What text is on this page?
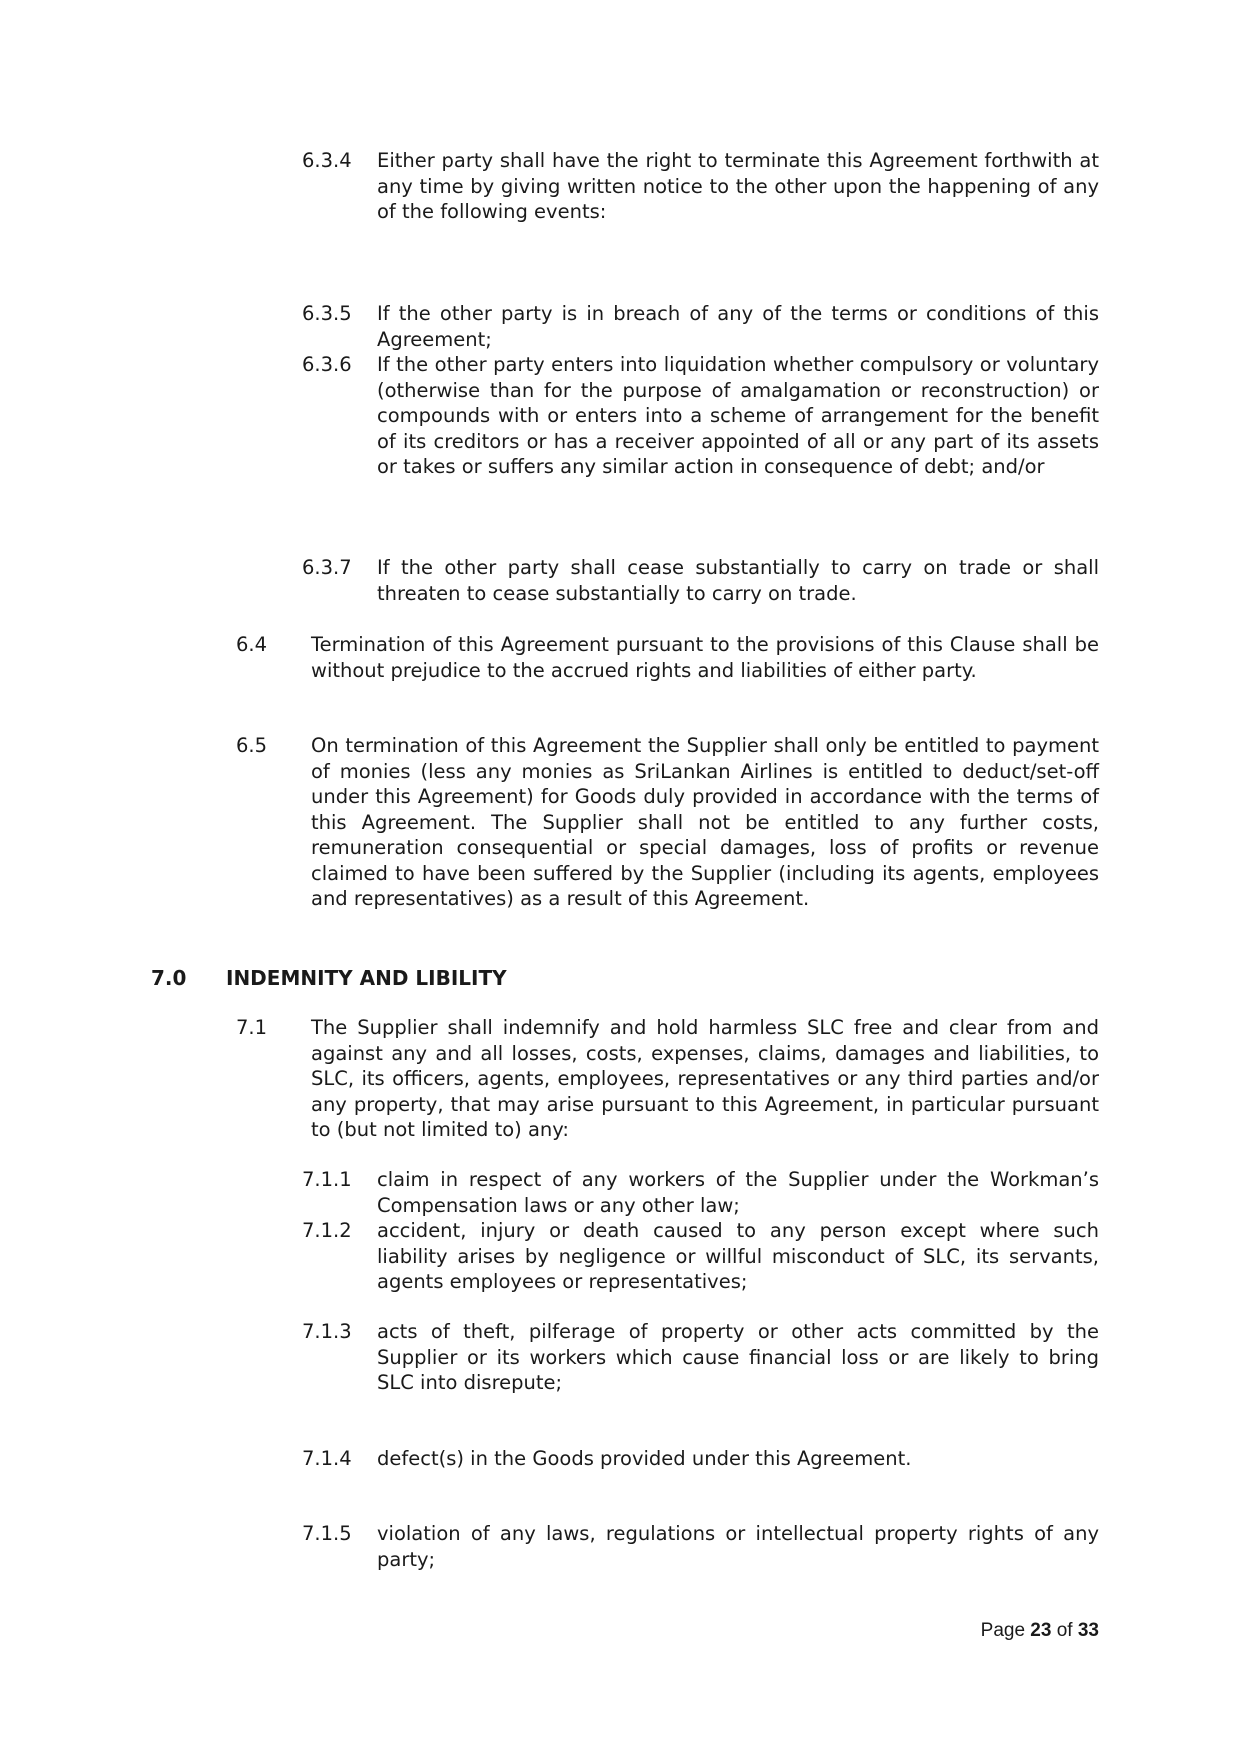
6.3.4 Either party shall have the right to terminate this Agreement forthwith at any time by giving written notice to the other upon the happening of any of the following events:
6.3.5 If the other party is in breach of any of the terms or conditions of this Agreement;
6.3.6 If the other party enters into liquidation whether compulsory or voluntary (otherwise than for the purpose of amalgamation or reconstruction) or compounds with or enters into a scheme of arrangement for the benefit of its creditors or has a receiver appointed of all or any part of its assets or takes or suffers any similar action in consequence of debt; and/or
6.3.7 If the other party shall cease substantially to carry on trade or shall threaten to cease substantially to carry on trade.
6.4 Termination of this Agreement pursuant to the provisions of this Clause shall be without prejudice to the accrued rights and liabilities of either party.
6.5 On termination of this Agreement the Supplier shall only be entitled to payment of monies (less any monies as SriLankan Airlines is entitled to deduct/set-off under this Agreement) for Goods duly provided in accordance with the terms of this Agreement. The Supplier shall not be entitled to any further costs, remuneration consequential or special damages, loss of profits or revenue claimed to have been suffered by the Supplier (including its agents, employees and representatives) as a result of this Agreement.
7.0 INDEMNITY AND LIBILITY
7.1 The Supplier shall indemnify and hold harmless SLC free and clear from and against any and all losses, costs, expenses, claims, damages and liabilities, to SLC, its officers, agents, employees, representatives or any third parties and/or any property, that may arise pursuant to this Agreement, in particular pursuant to (but not limited to) any:
7.1.1 claim in respect of any workers of the Supplier under the Workman’s Compensation laws or any other law;
7.1.2 accident, injury or death caused to any person except where such liability arises by negligence or willful misconduct of SLC, its servants, agents employees or representatives;
7.1.3 acts of theft, pilferage of property or other acts committed by the Supplier or its workers which cause financial loss or are likely to bring SLC into disrepute;
7.1.4 defect(s) in the Goods provided under this Agreement.
7.1.5 violation of any laws, regulations or intellectual property rights of any party;
Page 23 of 33
